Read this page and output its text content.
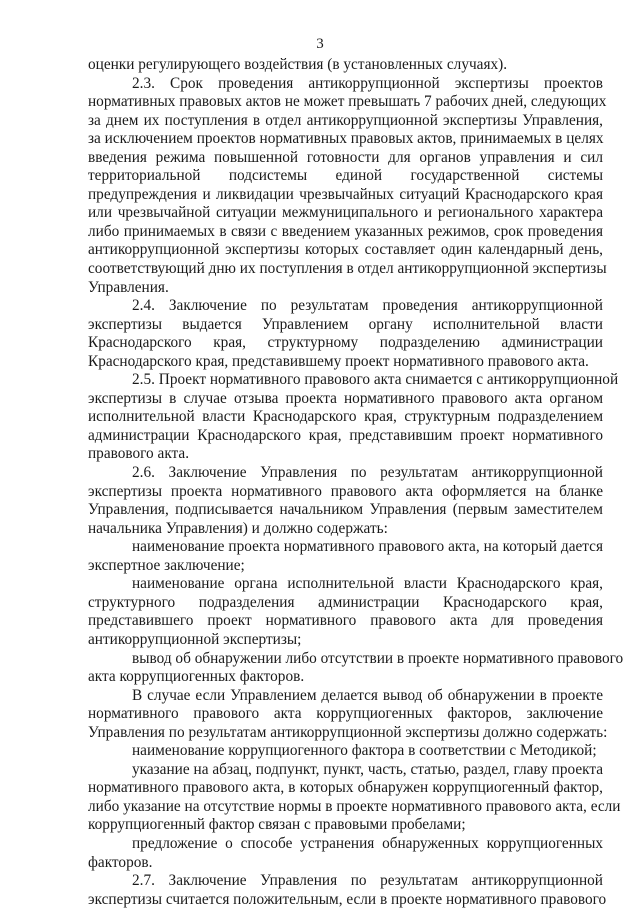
3
оценки регулирующего воздействия (в установленных случаях).
2.3. Срок проведения антикоррупционной экспертизы проектов
нормативных правовых актов не может превышать 7 рабочих дней, следующих
за днем их поступления в отдел антикоррупционной экспертизы Управления,
за исключением проектов нормативных правовых актов, принимаемых в целях
введения режима повышенной готовности для органов управления и сил
территориальной подсистемы единой государственной системы
предупреждения и ликвидации чрезвычайных ситуаций Краснодарского края
или чрезвычайной ситуации межмуниципального и регионального характера
либо принимаемых в связи с введением указанных режимов, срок проведения
антикоррупционной экспертизы которых составляет один календарный день,
соответствующий дню их поступления в отдел антикоррупционной экспертизы
Управления.
2.4. Заключение по результатам проведения антикоррупционной
экспертизы выдается Управлением органу исполнительной власти
Краснодарского края, структурному подразделению администрации
Краснодарского края, представившему проект нормативного правового акта.
2.5. Проект нормативного правового акта снимается с антикоррупционной
экспертизы в случае отзыва проекта нормативного правового акта органом
исполнительной власти Краснодарского края, структурным подразделением
администрации Краснодарского края, представившим проект нормативного
правового акта.
2.6. Заключение Управления по результатам антикоррупционной
экспертизы проекта нормативного правового акта оформляется на бланке
Управления, подписывается начальником Управления (первым заместителем
начальника Управления) и должно содержать:
наименование проекта нормативного правового акта, на который дается
экспертное заключение;
наименование органа исполнительной власти Краснодарского края,
структурного подразделения администрации Краснодарского края,
представившего проект нормативного правового акта для проведения
антикоррупционной экспертизы;
вывод об обнаружении либо отсутствии в проекте нормативного правового
акта коррупциогенных факторов.
В случае если Управлением делается вывод об обнаружении в проекте
нормативного правового акта коррупциогенных факторов, заключение
Управления по результатам антикоррупционной экспертизы должно содержать:
наименование коррупциогенного фактора в соответствии с Методикой;
указание на абзац, подпункт, пункт, часть, статью, раздел, главу проекта
нормативного правового акта, в которых обнаружен коррупциогенный фактор,
либо указание на отсутствие нормы в проекте нормативного правового акта, если
коррупциогенный фактор связан с правовыми пробелами;
предложение о способе устранения обнаруженных коррупциогенных
факторов.
2.7. Заключение Управления по результатам антикоррупционной
экспертизы считается положительным, если в проекте нормативного правового
